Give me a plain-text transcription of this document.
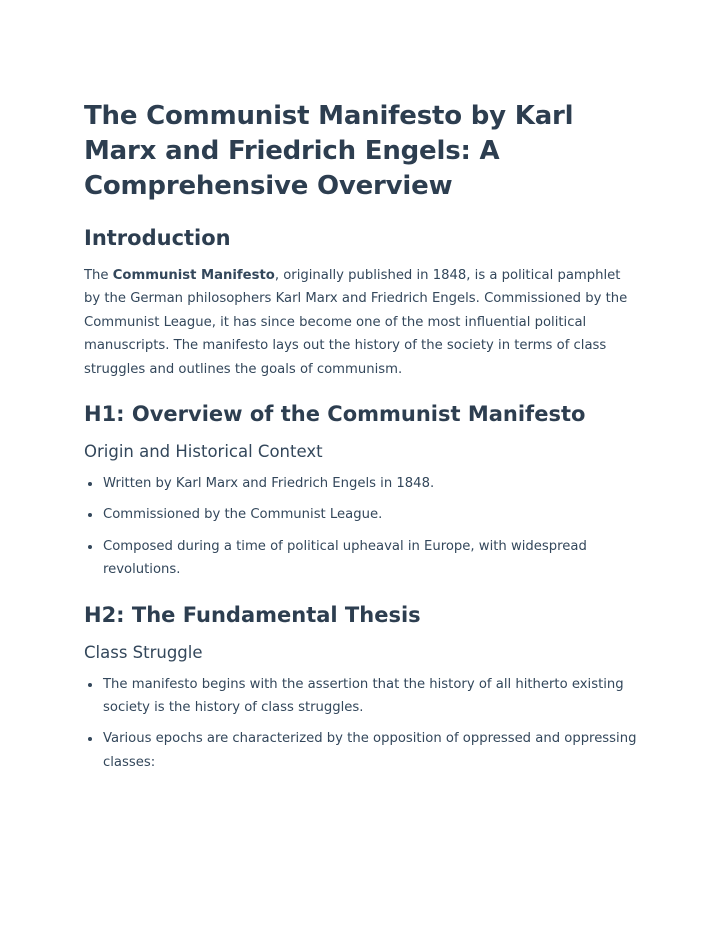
The Communist Manifesto by Karl Marx and Friedrich Engels: A Comprehensive Overview
Introduction

The Communist Manifesto, originally published in 1848, is a political pamphlet by the German philosophers Karl Marx and Friedrich Engels. Commissioned by the Communist League, it has since become one of the most influential political manuscripts. The manifesto lays out the history of the society in terms of class struggles and outlines the goals of communism.

H1: Overview of the Communist Manifesto
Origin and Historical Context
Written by Karl Marx and Friedrich Engels in 1848.
Commissioned by the Communist League.
Composed during a time of political upheaval in Europe, with widespread revolutions.
H2: The Fundamental Thesis
Class Struggle
The manifesto begins with the assertion that the history of all hitherto existing society is the history of class struggles.
Various epochs are characterized by the opposition of oppressed and oppressing classes:
